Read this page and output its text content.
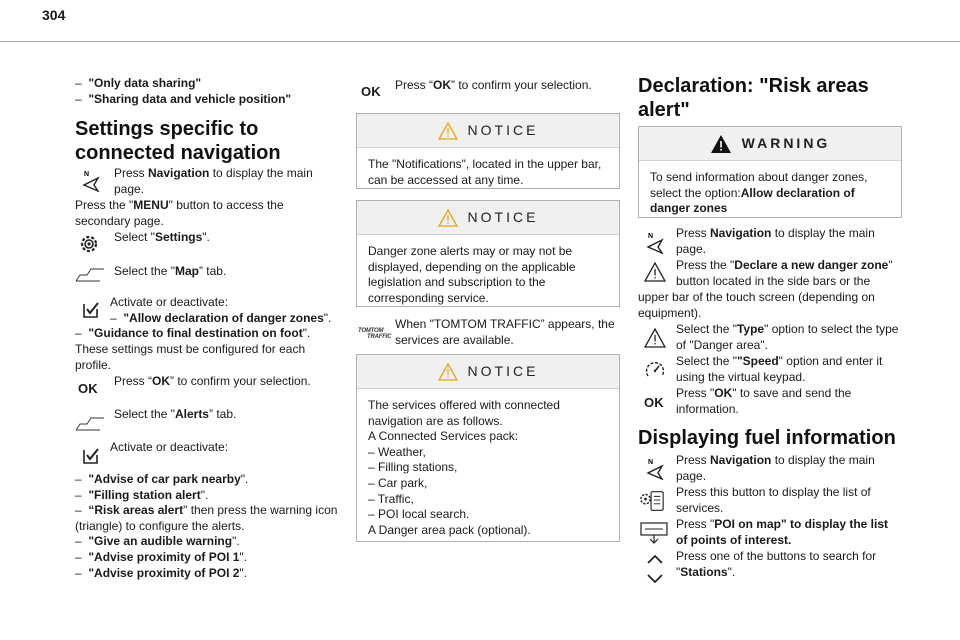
304
– "Only data sharing"
– "Sharing data and vehicle position"
Settings specific to
connected navigation
N Press Navigation to display the main
page.
Press the "MENU" button to access the
secondary page.
Select "Settings".
Select the "Map” tab.
Activate or deactivate:
– "Allow declaration of danger zones".
– "Guidance to final destination on foot".
These settings must be configured for each
profile.
OK Press “OK” to confirm your selection.
Select the "Alerts” tab.
Activate or deactivate:
– "Advise of car park nearby".
– "Filling station alert".
– “Risk areas alert" then press the warning icon
(triangle) to configure the alerts.
– "Give an audible warning".
– "Advise proximity of POI 1".
– "Advise proximity of POI 2".
OK Press “OK” to confirm your selection.
NOTICE
The "Notifications", located in the upper bar,
can be accessed at any time.
NOTICE
Danger zone alerts may or may not be
displayed, depending on the applicable
legislation and subscription to the
corresponding service.
TOMTOM
TRAFFIC
When "TOMTOM TRAFFIC” appears, the
services are available.
NOTICE
The services offered with connected
navigation are as follows.
A Connected Services pack:
– Weather,
– Filling stations,
– Car park,
– Traffic,
– POI local search.
A Danger area pack (optional).
Declaration: "Risk areas
alert"
WARNING
To send information about danger zones,
select the option:Allow declaration of
danger zones
N Press Navigation to display the main
page.
Press the "Declare a new danger zone"
button located in the side bars or the
upper bar of the touch screen (depending on
equipment).
Select the "Type" option to select the type
of "Danger area".
Select the ""Speed" option and enter it
using the virtual keypad.
OK
Press "OK" to save and send the
information.
Displaying fuel information
N Press Navigation to display the main
page.
Press this button to display the list of
services.
Press "POI on map" to display the list
of points of interest.
Press one of the buttons to search for
"Stations".
